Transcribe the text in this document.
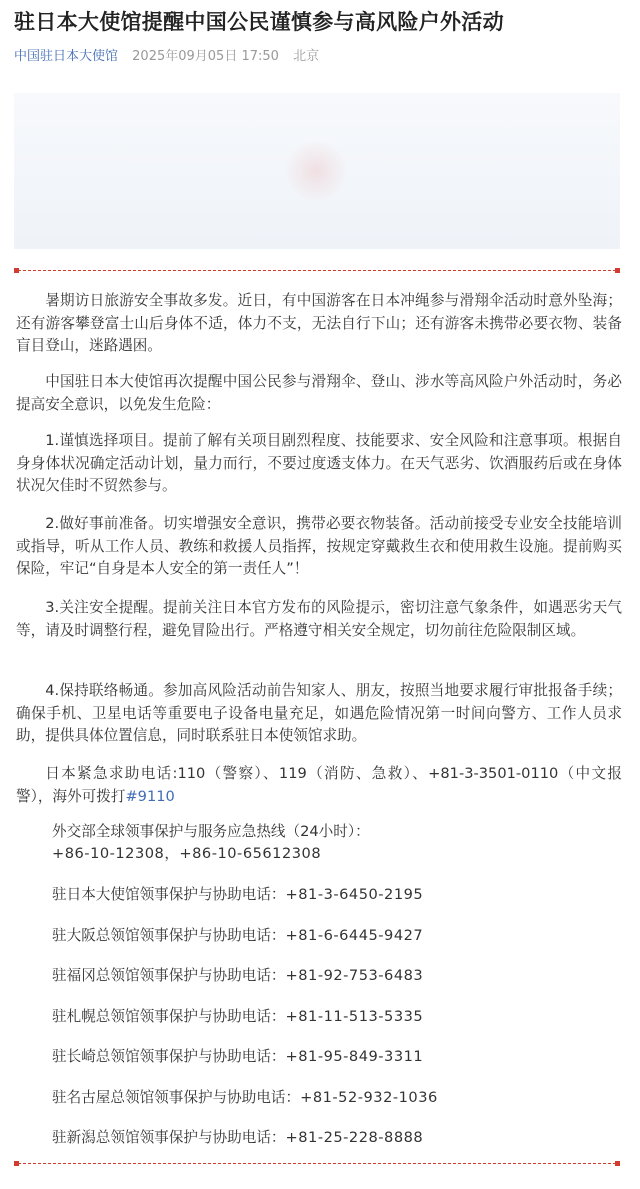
驻日本大使馆提醒中国公民谨慎参与高风险户外活动
中国驻日本大使馆 2025年09月05日 17:50 北京

暑期访日旅游安全事故多发。近日，有中国游客在日本冲绳参与滑翔伞活动时意外坠海；还有游客攀登富士山后身体不适，体力不支，无法自行下山；还有游客未携带必要衣物、装备盲目登山，迷路遇困。

中国驻日本大使馆再次提醒中国公民参与滑翔伞、登山、涉水等高风险户外活动时，务必提高安全意识，以免发生危险：

1.谨慎选择项目。提前了解有关项目剧烈程度、技能要求、安全风险和注意事项。根据自身身体状况确定活动计划，量力而行，不要过度透支体力。在天气恶劣、饮酒服药后或在身体状况欠佳时不贸然参与。

2.做好事前准备。切实增强安全意识，携带必要衣物装备。活动前接受专业安全技能培训或指导，听从工作人员、教练和救援人员指挥，按规定穿戴救生衣和使用救生设施。提前购买保险，牢记“自身是本人安全的第一责任人”！

3.关注安全提醒。提前关注日本官方发布的风险提示，密切注意气象条件，如遇恶劣天气等，请及时调整行程，避免冒险出行。严格遵守相关安全规定，切勿前往危险限制区域。

4.保持联络畅通。参加高风险活动前告知家人、朋友，按照当地要求履行审批报备手续；确保手机、卫星电话等重要电子设备电量充足，如遇危险情况第一时间向警方、工作人员求助，提供具体位置信息，同时联系驻日本使领馆求助。

日本紧急求助电话:110（警察）、119（消防、急救）、+81-3-3501-0110（中文报警），海外可拨打#9110

外交部全球领事保护与服务应急热线（24小时）：
+86-10-12308，+86-10-65612308
驻日本大使馆领事保护与协助电话：+81-3-6450-2195
驻大阪总领馆领事保护与协助电话：+81-6-6445-9427
驻福冈总领馆领事保护与协助电话：+81-92-753-6483
驻札幌总领馆领事保护与协助电话：+81-11-513-5335
驻长崎总领馆领事保护与协助电话：+81-95-849-3311
驻名古屋总领馆领事保护与协助电话：+81-52-932-1036
驻新潟总领馆领事保护与协助电话：+81-25-228-8888
